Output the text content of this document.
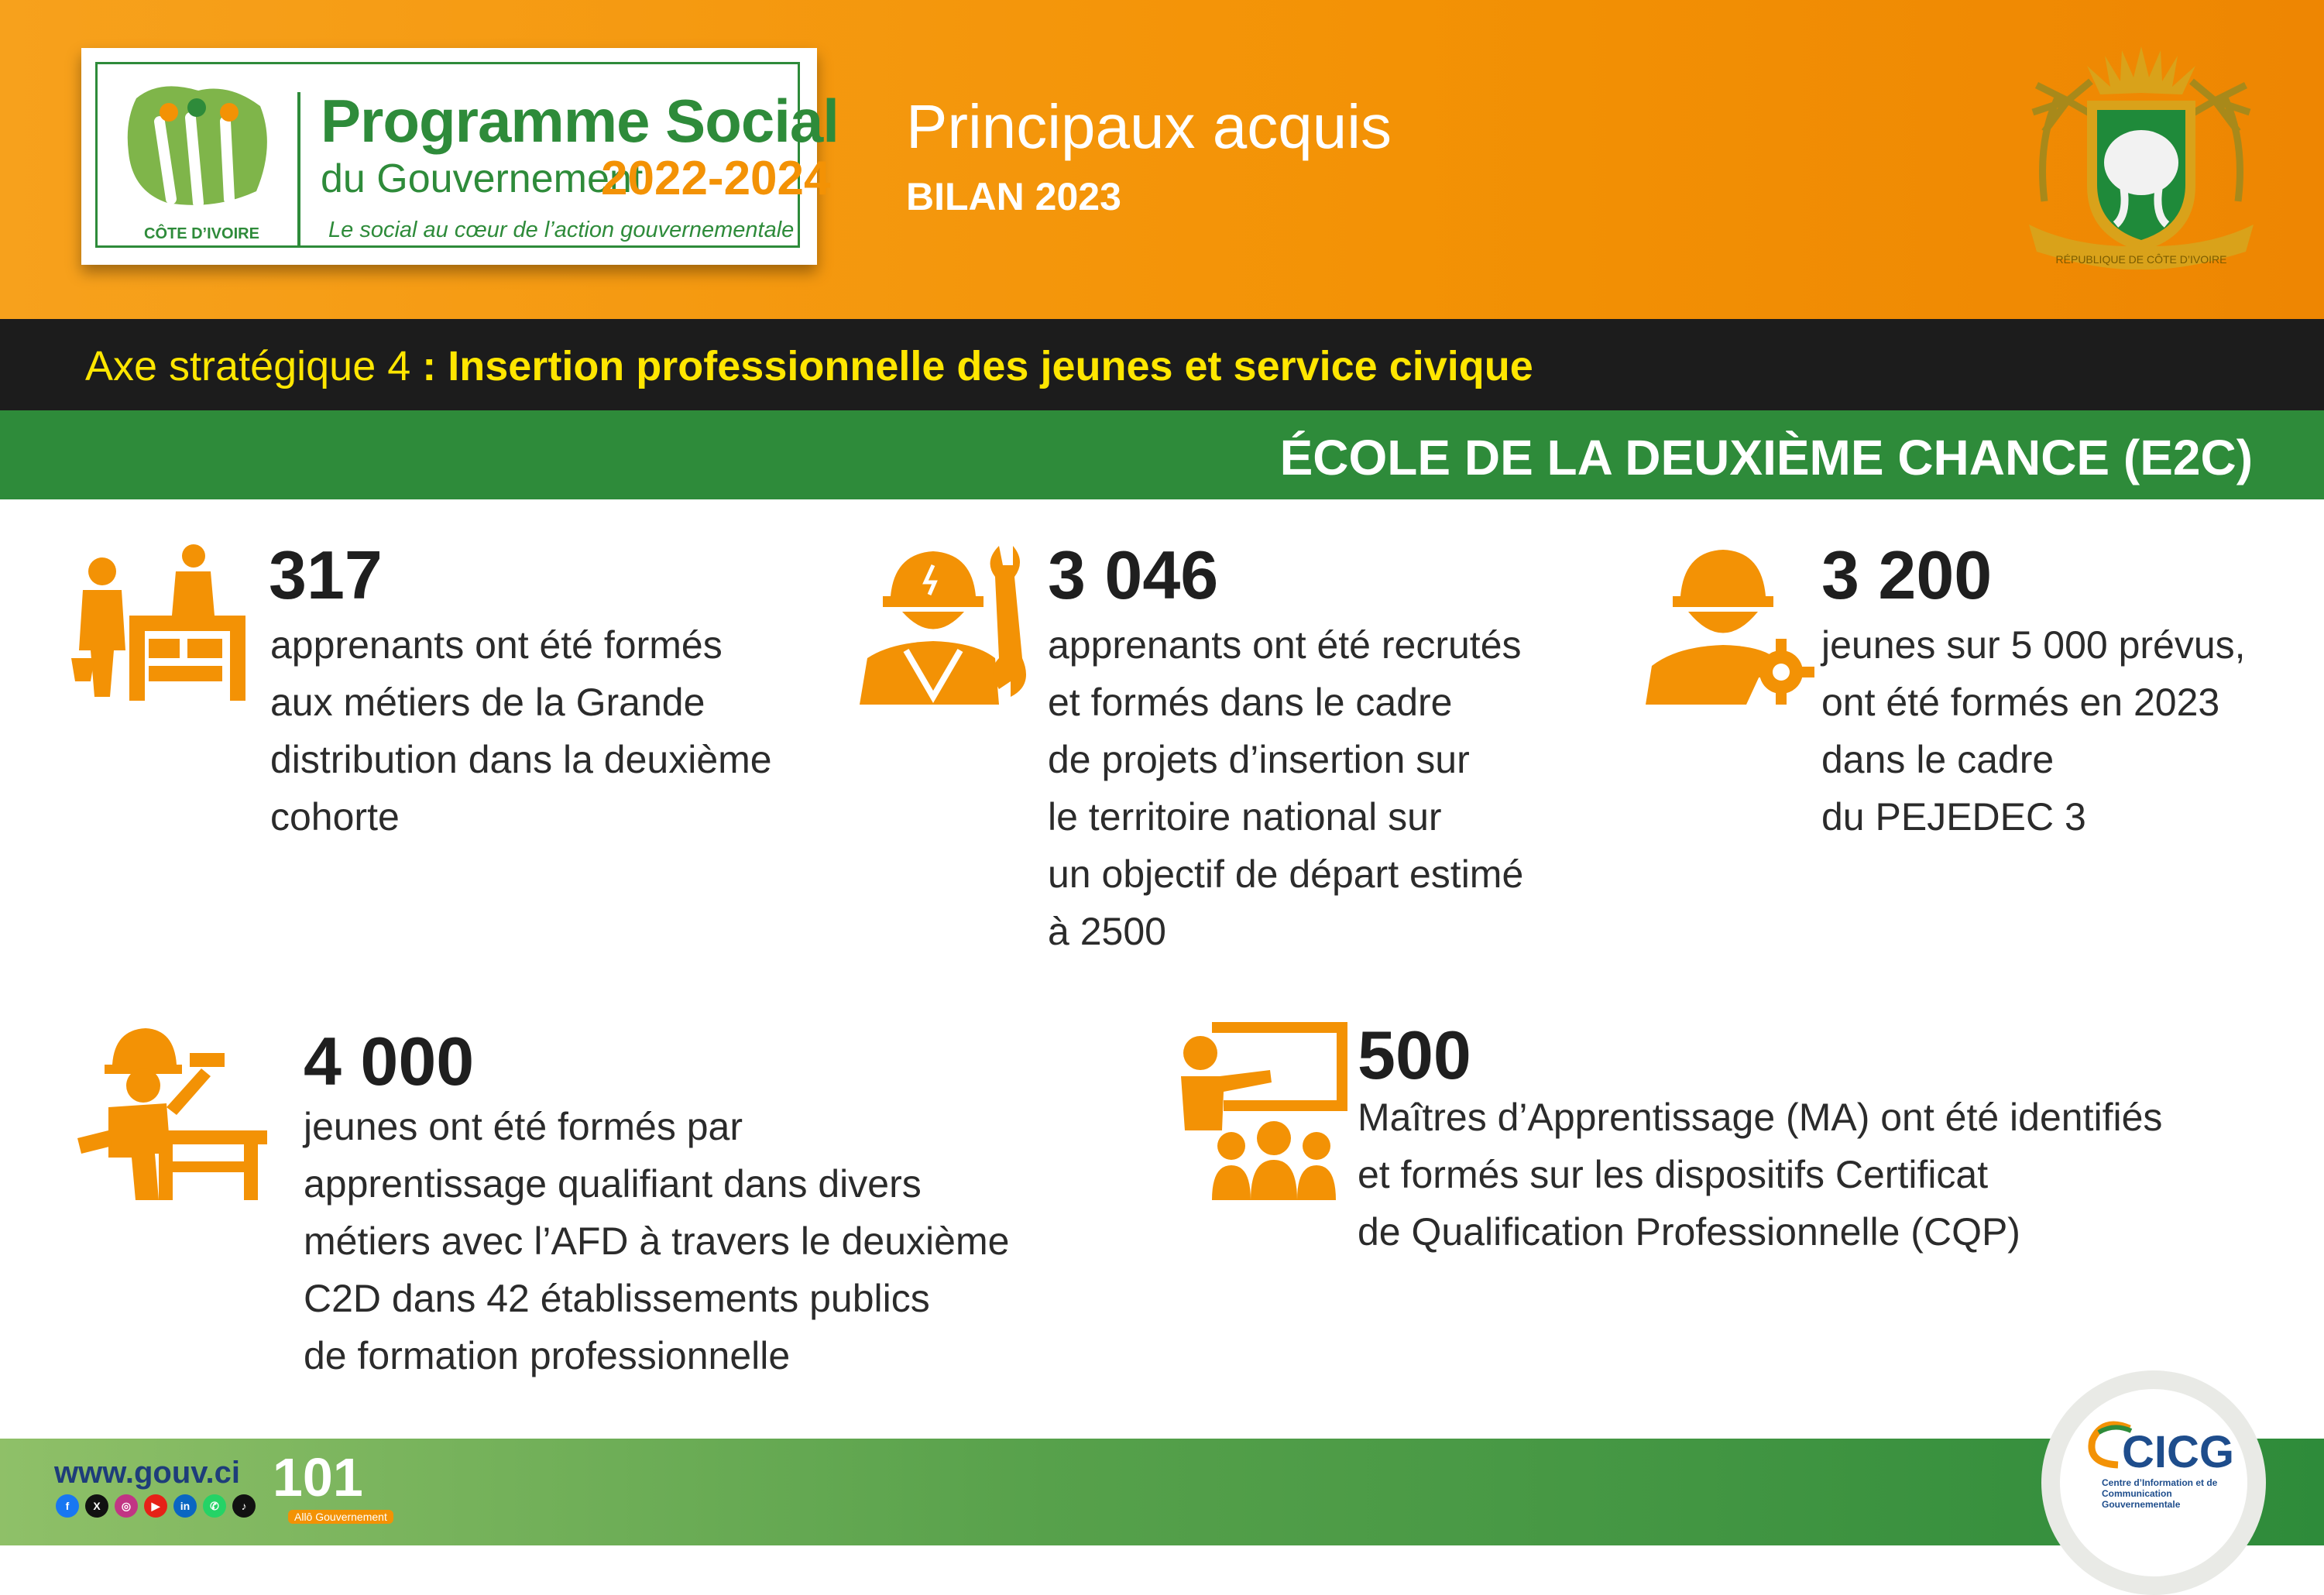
CÔTE D’IVOIRE
Programme Social
du Gouvernement
2022-2024
Le social au cœur de l’action gouvernementale
Principaux acquis
BILAN 2023
RÉPUBLIQUE DE CÔTE D’IVOIRE
Axe stratégique 4 : Insertion professionnelle des jeunes et service civique
ÉCOLE DE LA DEUXIÈME CHANCE (E2C)
317
apprenants ont été formés
aux métiers de la Grande
distribution dans la deuxième
cohorte
3 046
apprenants ont été recrutés
et formés dans le cadre
de projets d’insertion sur
le territoire national sur
un objectif de départ estimé
à 2500
3 200
jeunes sur 5 000 prévus,
ont été formés en 2023
dans le cadre
du PEJEDEC 3
4 000
jeunes ont été formés par
apprentissage qualifiant dans divers
métiers avec l’AFD à travers le deuxième
C2D dans 42 établissements publics
de formation professionnelle
500
Maîtres d’Apprentissage (MA) ont été identifiés
et formés sur les dispositifs Certificat
de Qualification Professionnelle (CQP)
www.gouv.ci 101
Allô Gouvernement
f	X	◎	▶	in	✆	♪
CICG
Centre d’Information et de Communication Gouvernementale
